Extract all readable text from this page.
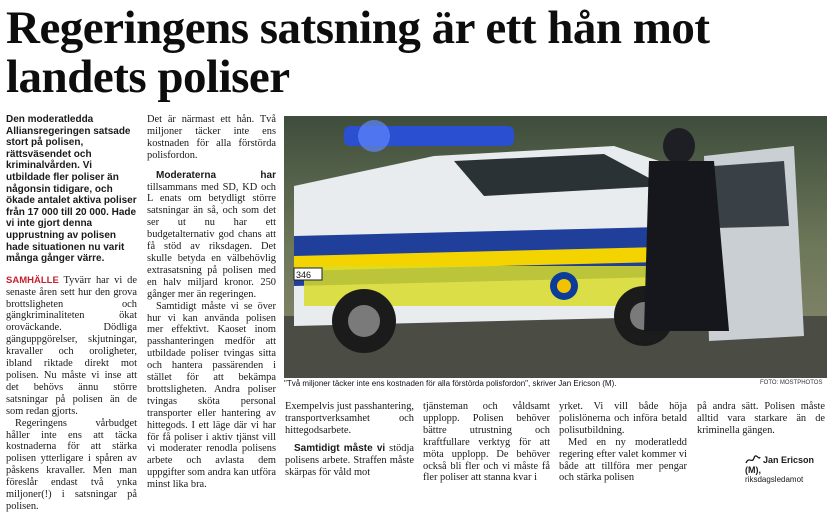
Regeringens satsning är ett hån mot landets poliser

Den moderatledda Alliansregeringen satsade stort på polisen, rättsväsendet och kriminalvården. Vi utbildade fler poliser än någonsin tidigare, och ökade antalet aktiva poliser från 17 000 till 20 000. Hade vi inte gjort denna upprustning av polisen hade situationen nu varit många gånger värre.

SAMHÄLLE Tyvärr har vi de senaste åren sett hur den grova brottsligheten och gängkriminaliteten ökat oroväckande. Dödliga gänguppgörelser, skjutningar, kravaller och oroligheter, ibland riktade direkt mot polisen. Nu måste vi inse att det behövs ännu större satsningar på polisen än de som redan gjorts.

Regeringens vårbudget håller inte ens att täcka kostnaderna för att stärka polisen ytterligare i spåren av påskens kravaller. Men man föreslår endast två ynka miljoner(!) i satsningar på polisen.

Det är närmast ett hån. Två miljoner täcker inte ens kostnaden för alla förstörda polisfordon.

Moderaterna har tillsammans med SD, KD och L enats om betydligt större satsningar än så, och som det ser ut nu har ett budgetalternativ god chans att få stöd av riksdagen. Det skulle betyda en välbehövlig extrasatsning på polisen med en halv miljard kronor. 250 gånger mer än regeringen.

Samtidigt måste vi se över hur vi kan använda polisen mer effektivt. Kaoset inom passhanteringen medför att utbildade poliser tvingas sitta och hantera passärenden i stället för att bekämpa brottsligheten. Andra poliser tvingas sköta personal transporter eller hantering av hittegods. I ett läge där vi har för få poliser i aktiv tjänst vill vi moderater renodla polisens arbete och avlasta dem uppgifter som andra kan utföra minst lika bra.

346
FOTO: MOSTPHOTOS
"Två miljoner täcker inte ens kostnaden för alla förstörda polisfordon", skriver Jan Ericson (M).

Exempelvis just passhantering, transportverksamhet och hittegodsarbete.

Samtidigt måste vi stödja polisens arbete. Straffen måste skärpas för våld mot

tjänsteman och våldsamt upplopp. Polisen behöver bättre utrustning och kraftfullare verktyg för att möta upplopp. De behöver också bli fler och vi måste få fler poliser att stanna kvar i

yrket. Vi vill både höja polislönerna och införa betald polisutbildning.

Med en ny moderatledd regering efter valet kommer vi både att tillföra mer pengar och stärka polisen

på andra sätt. Polisen måste alltid vara starkare än de kriminella gängen.

Jan Ericson (M),
riksdagsledamot
